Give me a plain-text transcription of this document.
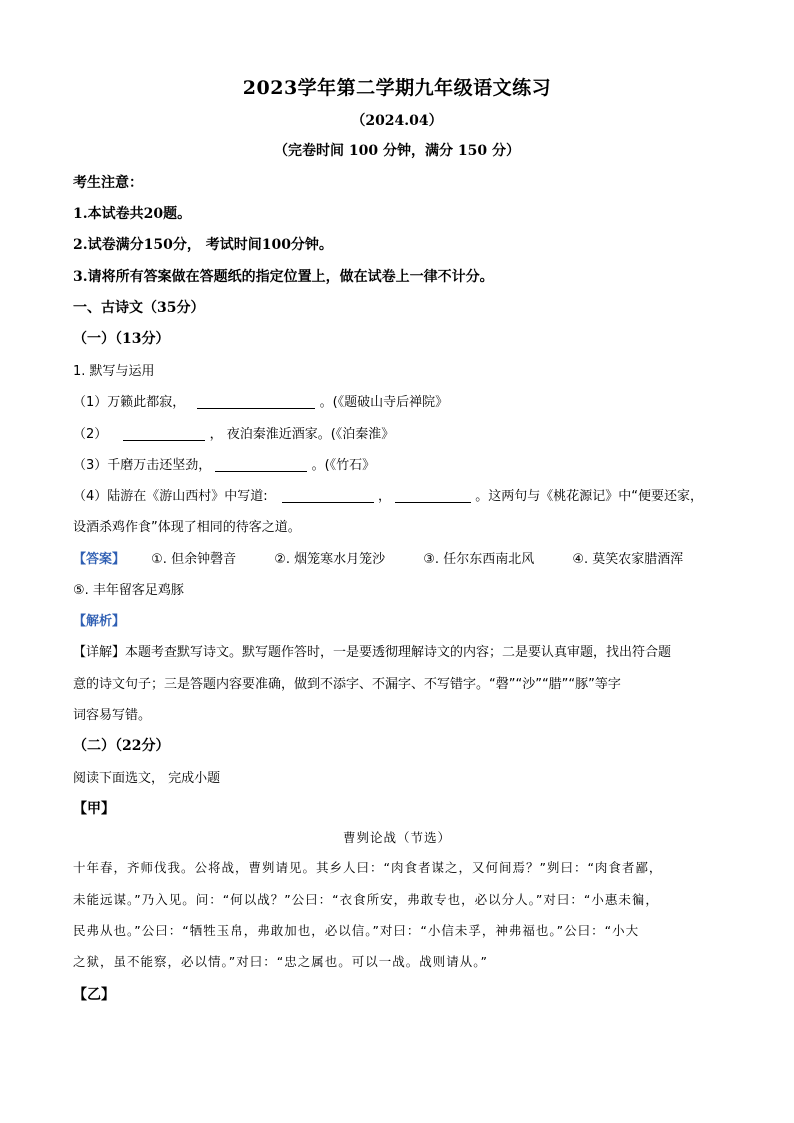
2023学年第二学期九年级语文练习
（2024.04）
（完卷时间 100 分钟，满分 150 分）
考生注意：
1.本试卷共20题。
2.试卷满分150分， 考试时间100分钟。
3.请将所有答案做在答题纸的指定位置上，做在试卷上一律不计分。
一、古诗文（35分）
（一）（13分）
1. 默写与运用
（1）万籁此都寂，	。(《题破山寺后禅院》
（2）	， 夜泊秦淮近酒家。(《泊秦淮》
（3）千磨万击还坚劲，	。(《竹石》
（4）陆游在《游山西村》中写道:	，	。这两句与《桃花源记》中“便要还家，
设酒杀鸡作食”体现了相同的待客之道。
【答案】 ①. 但余钟磬音	②. 烟笼寒水月笼沙	③. 任尔东西南北风	④. 莫笑农家腊酒浑
⑤. 丰年留客足鸡豚
【解析】
【详解】本题考查默写诗文。默写题作答时，一是要透彻理解诗文的内容；二是要认真审题，找出符合题
意的诗文句子；三是答题内容要准确，做到不添字、不漏字、不写错字。“磬”“沙”“腊”“豚”等字
词容易写错。
（二）（22分）
阅读下面选文， 完成小题
【甲】
曹刿论战（节选）
十年春，齐师伐我。公将战，曹刿请见。其乡人曰：“肉食者谋之，又何间焉？”刿曰：“肉食者鄙，
未能远谋。”乃入见。问：“何以战？”公曰：“衣食所安，弗敢专也，必以分人。”对曰：“小惠未徧，
民弗从也。”公曰：“牺牲玉帛，弗敢加也，必以信。”对曰：“小信未孚，神弗福也。”公曰：“小大
之狱，虽不能察，必以情。”对曰：“忠之属也。可以一战。战则请从。”
【乙】
